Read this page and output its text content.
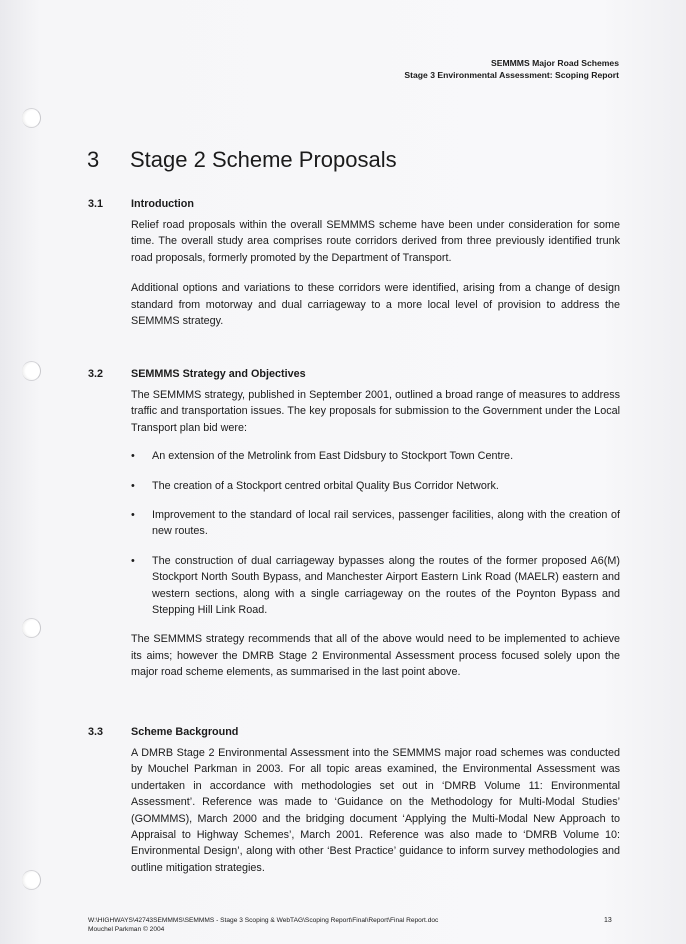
SEMMMS Major Road Schemes
Stage 3 Environmental Assessment: Scoping Report
3 Stage 2 Scheme Proposals
3.1	Introduction

Relief road proposals within the overall SEMMMS scheme have been under consideration for some time. The overall study area comprises route corridors derived from three previously identified trunk road proposals, formerly promoted by the Department of Transport.

Additional options and variations to these corridors were identified, arising from a change of design standard from motorway and dual carriageway to a more local level of provision to address the SEMMMS strategy.

3.2	SEMMMS Strategy and Objectives

The SEMMMS strategy, published in September 2001, outlined a broad range of measures to address traffic and transportation issues. The key proposals for submission to the Government under the Local Transport plan bid were:

• An extension of the Metrolink from East Didsbury to Stockport Town Centre.
• The creation of a Stockport centred orbital Quality Bus Corridor Network.
• Improvement to the standard of local rail services, passenger facilities, along with the creation of new routes.
• The construction of dual carriageway bypasses along the routes of the former proposed A6(M) Stockport North South Bypass, and Manchester Airport Eastern Link Road (MAELR) eastern and western sections, along with a single carriageway on the routes of the Poynton Bypass and Stepping Hill Link Road.

The SEMMMS strategy recommends that all of the above would need to be implemented to achieve its aims; however the DMRB Stage 2 Environmental Assessment process focused solely upon the major road scheme elements, as summarised in the last point above.

3.3	Scheme Background

A DMRB Stage 2 Environmental Assessment into the SEMMMS major road schemes was conducted by Mouchel Parkman in 2003. For all topic areas examined, the Environmental Assessment was undertaken in accordance with methodologies set out in ‘DMRB Volume 11: Environmental Assessment’. Reference was made to ‘Guidance on the Methodology for Multi-Modal Studies’ (GOMMMS), March 2000 and the bridging document ‘Applying the Multi-Modal New Approach to Appraisal to Highway Schemes’, March 2001. Reference was also made to ‘DMRB Volume 10: Environmental Design’, along with other ‘Best Practice’ guidance to inform survey methodologies and outline mitigation strategies.

W:\HIGHWAYS\42743SEMMMS\SEMMMS - Stage 3 Scoping & WebTAG\Scoping Report\Final\Report\Final Report.doc
Mouchel Parkman © 2004
13
